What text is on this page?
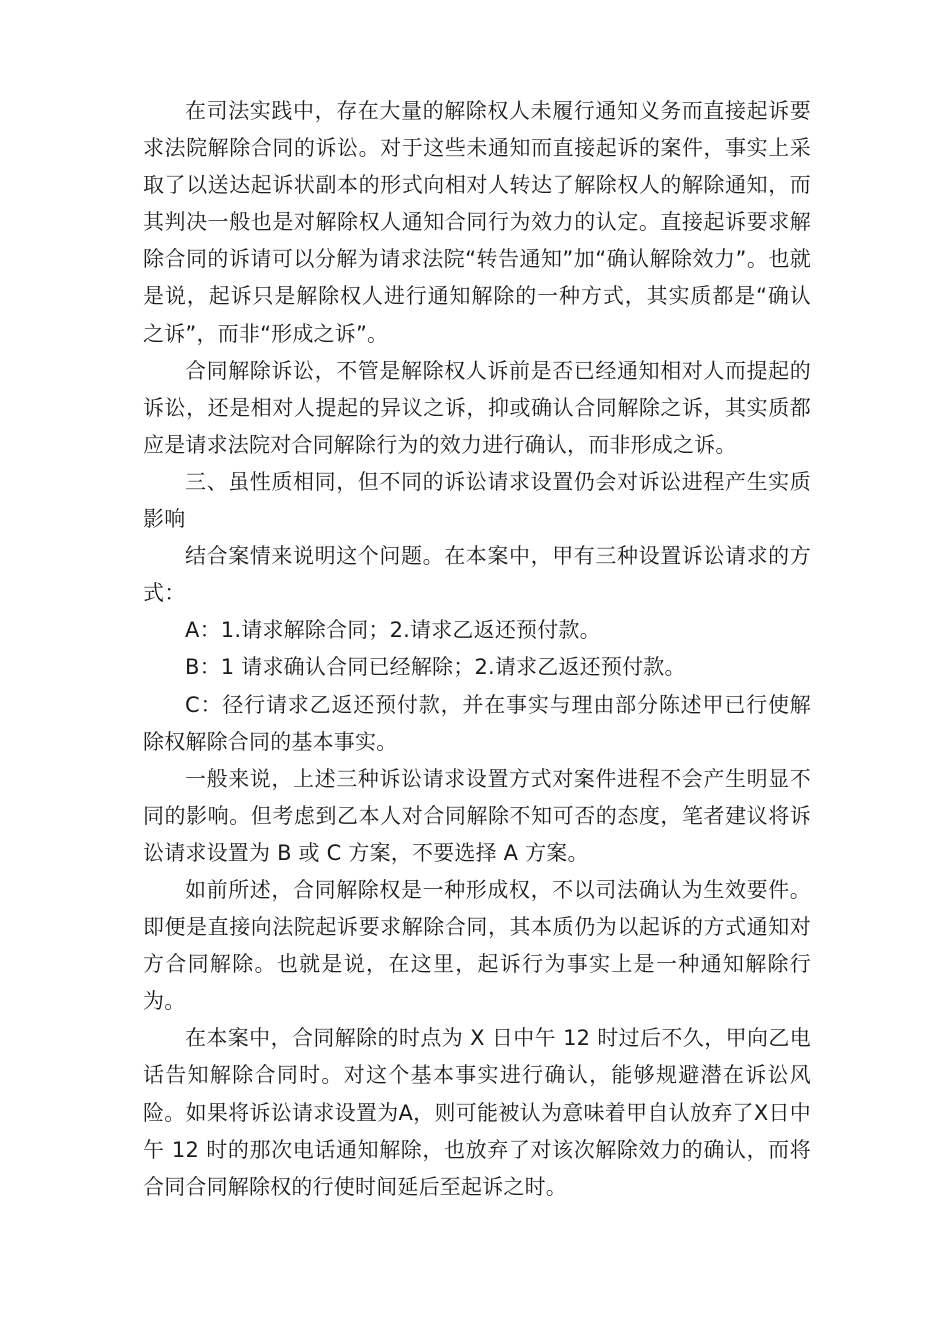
在司法实践中，存在大量的解除权人未履行通知义务而直接起诉要求法院解除合同的诉讼。对于这些未通知而直接起诉的案件，事实上采取了以送达起诉状副本的形式向相对人转达了解除权人的解除通知，而其判决一般也是对解除权人通知合同行为效力的认定。直接起诉要求解除合同的诉请可以分解为请求法院“转告通知”加“确认解除效力”。也就是说，起诉只是解除权人进行通知解除的一种方式，其实质都是“确认之诉”，而非“形成之诉”。

合同解除诉讼，不管是解除权人诉前是否已经通知相对人而提起的诉讼，还是相对人提起的异议之诉，抑或确认合同解除之诉，其实质都应是请求法院对合同解除行为的效力进行确认，而非形成之诉。

三、虽性质相同，但不同的诉讼请求设置仍会对诉讼进程产生实质影响

结合案情来说明这个问题。在本案中，甲有三种设置诉讼请求的方式：

A：1.请求解除合同；2.请求乙返还预付款。

B：1 请求确认合同已经解除；2.请求乙返还预付款。

C：径行请求乙返还预付款，并在事实与理由部分陈述甲已行使解除权解除合同的基本事实。

一般来说，上述三种诉讼请求设置方式对案件进程不会产生明显不同的影响。但考虑到乙本人对合同解除不知可否的态度，笔者建议将诉讼请求设置为 B 或 C 方案，不要选择 A 方案。

如前所述，合同解除权是一种形成权，不以司法确认为生效要件。即便是直接向法院起诉要求解除合同，其本质仍为以起诉的方式通知对方合同解除。也就是说，在这里，起诉行为事实上是一种通知解除行为。

在本案中，合同解除的时点为 X 日中午 12 时过后不久，甲向乙电话告知解除合同时。对这个基本事实进行确认，能够规避潜在诉讼风险。如果将诉讼请求设置为A，则可能被认为意味着甲自认放弃了X日中午 12 时的那次电话通知解除，也放弃了对该次解除效力的确认，而将合同合同解除权的行使时间延后至起诉之时。
